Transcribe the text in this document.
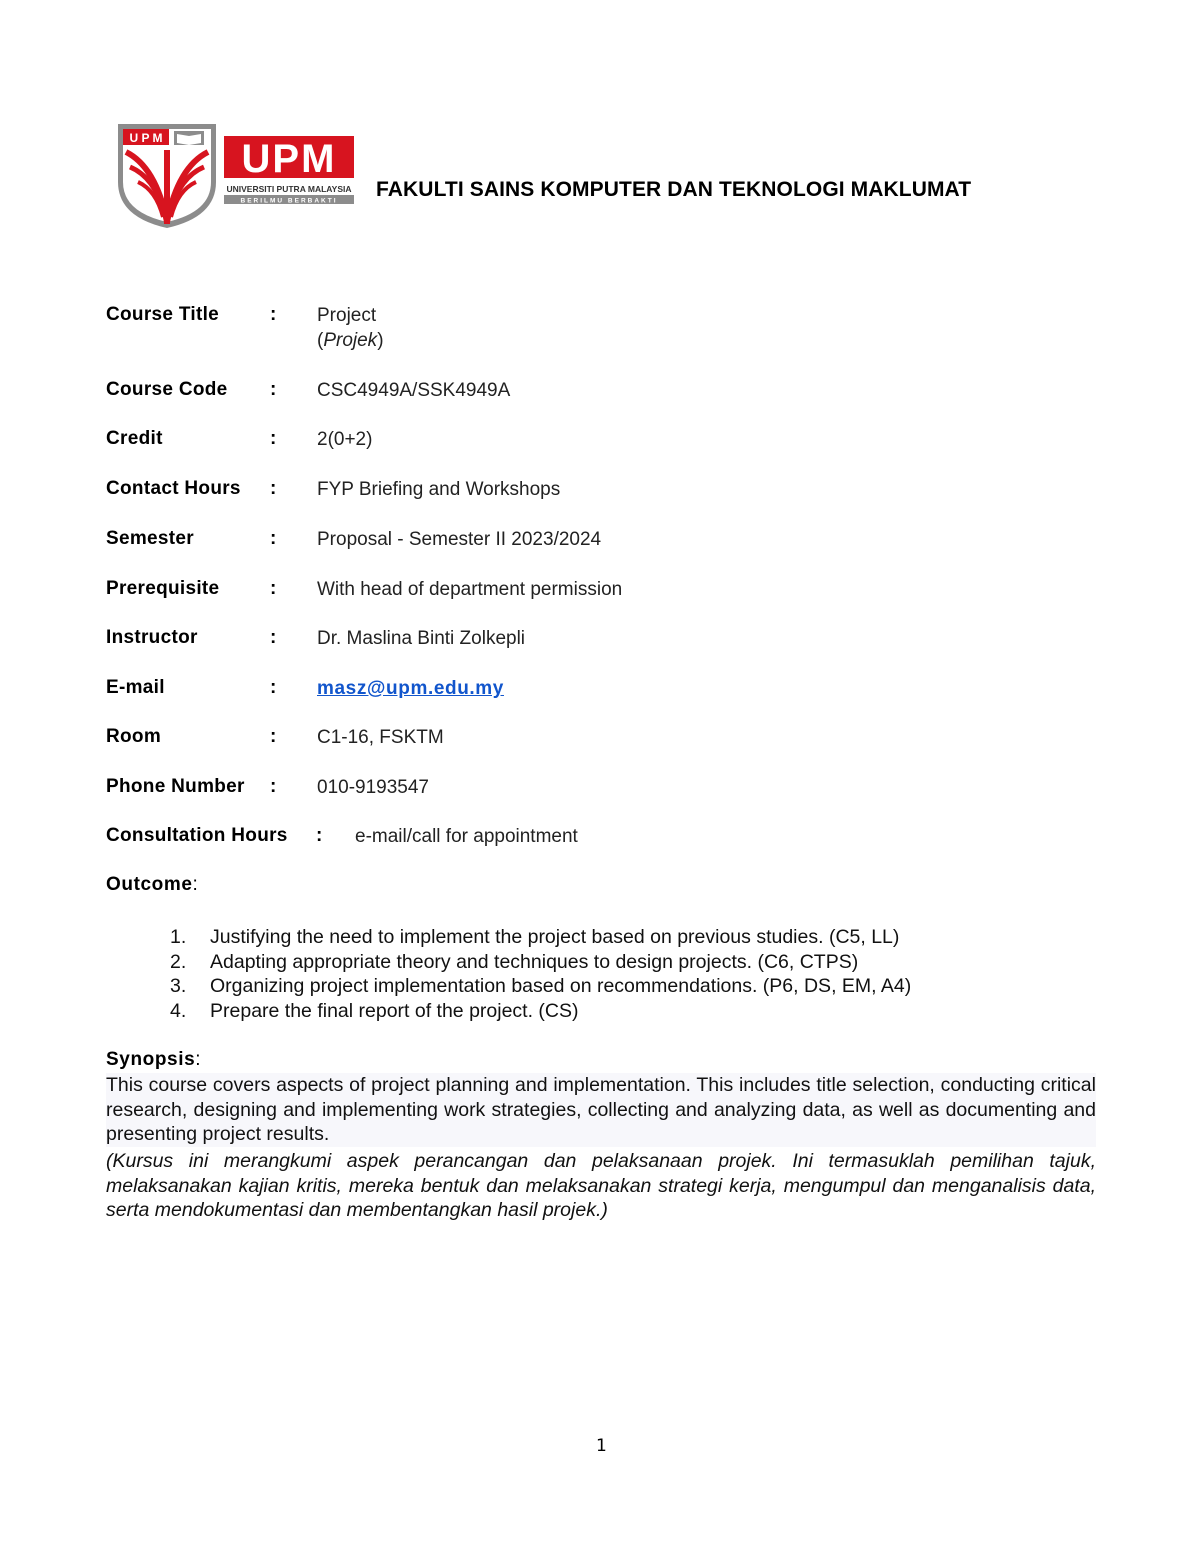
U P M UPM
UNIVERSITI PUTRA MALAYSIA
BERILMU BERBAKTI FAKULTI SAINS KOMPUTER DAN TEKNOLOGI MAKLUMAT
Course Title	: Project
(Projek)
Course Code : CSC4949A/SSK4949A
Credit	: 2(0+2)
Contact Hours : FYP Briefing and Workshops
Semester	: Proposal - Semester II 2023/2024
Prerequisite	: With head of department permission
Instructor	: Dr. Maslina Binti Zolkepli
E-mail	: masz@upm.edu.my
Room	: C1-16, FSKTM
Phone Number : 010-9193547
Consultation Hours : e-mail/call for appointment
Outcome:
1. Justifying the need to implement the project based on previous studies. (C5, LL)
2. Adapting appropriate theory and techniques to design projects. (C6, CTPS)
3. Organizing project implementation based on recommendations. (P6, DS, EM, A4)
4. Prepare the final report of the project. (CS)
Synopsis:
This course covers aspects of project planning and implementation. This includes title selection, conducting critical research, designing and implementing work strategies, collecting and analyzing data, as well as documenting and presenting project results.
(Kursus ini merangkumi aspek perancangan dan pelaksanaan projek. Ini termasuklah pemilihan tajuk, melaksanakan kajian kritis, mereka bentuk dan melaksanakan strategi kerja, mengumpul dan menganalisis data, serta mendokumentasi dan membentangkan hasil projek.)
1
